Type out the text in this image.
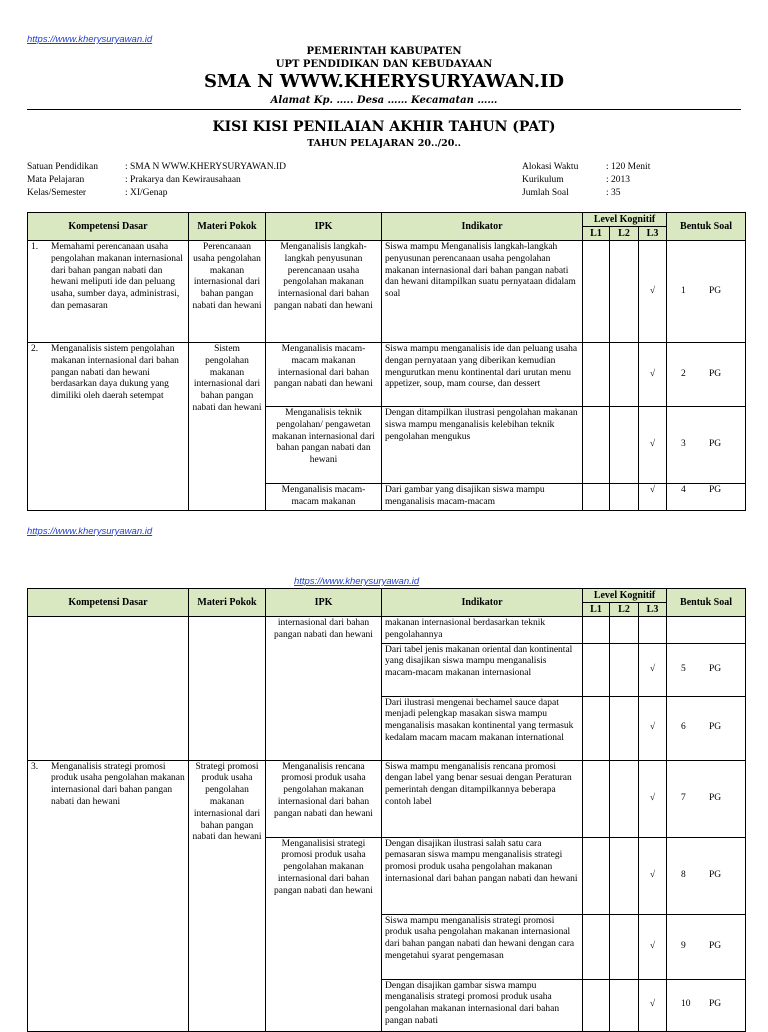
https://www.kherysuryawan.id
https://www.kherysuryawan.id
https://www.kherysuryawan.id
PEMERINTAH KABUPATEN
UPT PENDIDIKAN DAN KEBUDAYAAN
SMA N WWW.KHERYSURYAWAN.ID
Alamat Kp. ….. Desa …… Kecamatan ……
KISI KISI PENILAIAN AKHIR TAHUN (PAT)
TAHUN PELAJARAN 20../20..
Satuan Pendidikan	: SMA N WWW.KHERYSURYAWAN.ID
Mata Pelajaran	: Prakarya dan Kewirausahaan
Kelas/Semester	: XI/Genap
Alokasi Waktu	: 120 Menit
Kurikulum	: 2013
Jumlah Soal	: 35
Kompetensi Dasar	Materi Pokok	IPK	Indikator	Level Kognitif			Bentuk Soal
				L1	L2	L3	

1. Memahami perencanaan usaha pengolahan makanan internasional dari bahan pangan nabati dan hewani meliputi ide dan peluang usaha, sumber daya, administrasi, dan pemasaran	Perencanaan usaha pengolahan makanan internasional dari bahan pangan nabati dan hewani	Menganalisis langkah-langkah penyusunan perencanaan usaha pengolahan makanan internasional dari bahan pangan nabati dan hewani	Siswa mampu Menganalisis langkah-langkah penyusunan perencanaan usaha pengolahan makanan internasional dari bahan pangan nabati dan hewani ditampilkan suatu pernyataan didalam soal			√	1 PG

2. Menganalisis sistem pengolahan makanan internasional dari bahan pangan nabati dan hewani berdasarkan daya dukung yang dimiliki oleh daerah setempat	Sistem pengolahan makanan internasional dari bahan pangan nabati dan hewani	Menganalisis macam-macam makanan internasional dari bahan pangan nabati dan hewani	Siswa mampu menganalisis ide dan peluang usaha dengan pernyataan yang diberikan kemudian mengurutkan menu kontinental dari urutan menu appetizer, soup, mam course, dan dessert			√	2 PG
		Menganalisis teknik pengolahan/ pengawetan makanan internasional dari bahan pangan nabati dan hewani	Dengan ditampilkan ilustrasi pengolahan makanan siswa mampu menganalisis kelebihan teknik pengolahan mengukus			√	3 PG
		Menganalisis macam-macam makanan	Dari gambar yang disajikan siswa mampu menganalisis macam-macam			√	4 PG
Kompetensi Dasar	Materi Pokok	IPK	Indikator	Level Kognitif			Bentuk Soal
				L1	L2	L3	
		internasional dari bahan pangan nabati dan hewani	makanan internasional berdasarkan teknik pengolahannya				
			Dari tabel jenis makanan oriental dan kontinental yang disajikan siswa mampu menganalisis macam-macam makanan internasional			√	5 PG
			Dari ilustrasi mengenai bechamel sauce dapat menjadi pelengkap masakan siswa mampu menganalisis masakan kontinental yang termasuk kedalam macam macam makanan international			√	6 PG

3. Menganalisis strategi promosi produk usaha pengolahan makanan internasional dari bahan pangan nabati dan hewani	Strategi promosi produk usaha pengolahan makanan internasional dari bahan pangan nabati dan hewani	Menganalisis rencana promosi produk usaha pengolahan makanan internasional dari bahan pangan nabati dan hewani	Siswa mampu menganalisis rencana promosi dengan label yang benar sesuai dengan Peraturan pemerintah dengan ditampilkannya beberapa contoh label			√	7 PG
		Menganalisisi strategi promosi produk usaha pengolahan makanan internasional dari bahan pangan nabati dan hewani	Dengan disajikan ilustrasi salah satu cara pemasaran siswa mampu menganalisis strategi promosi produk usaha pengolahan makanan internasional dari bahan pangan nabati dan hewani			√	8 PG
			Siswa mampu menganalisis strategi promosi produk usaha pengolahan makanan internasional dari bahan pangan nabati dan hewani dengan cara mengetahui syarat pengemasan			√	9 PG
			Dengan disajikan gambar siswa mampu menganalisis strategi promosi produk usaha pengolahan makanan internasional dari bahan pangan nabati			√	10 PG
